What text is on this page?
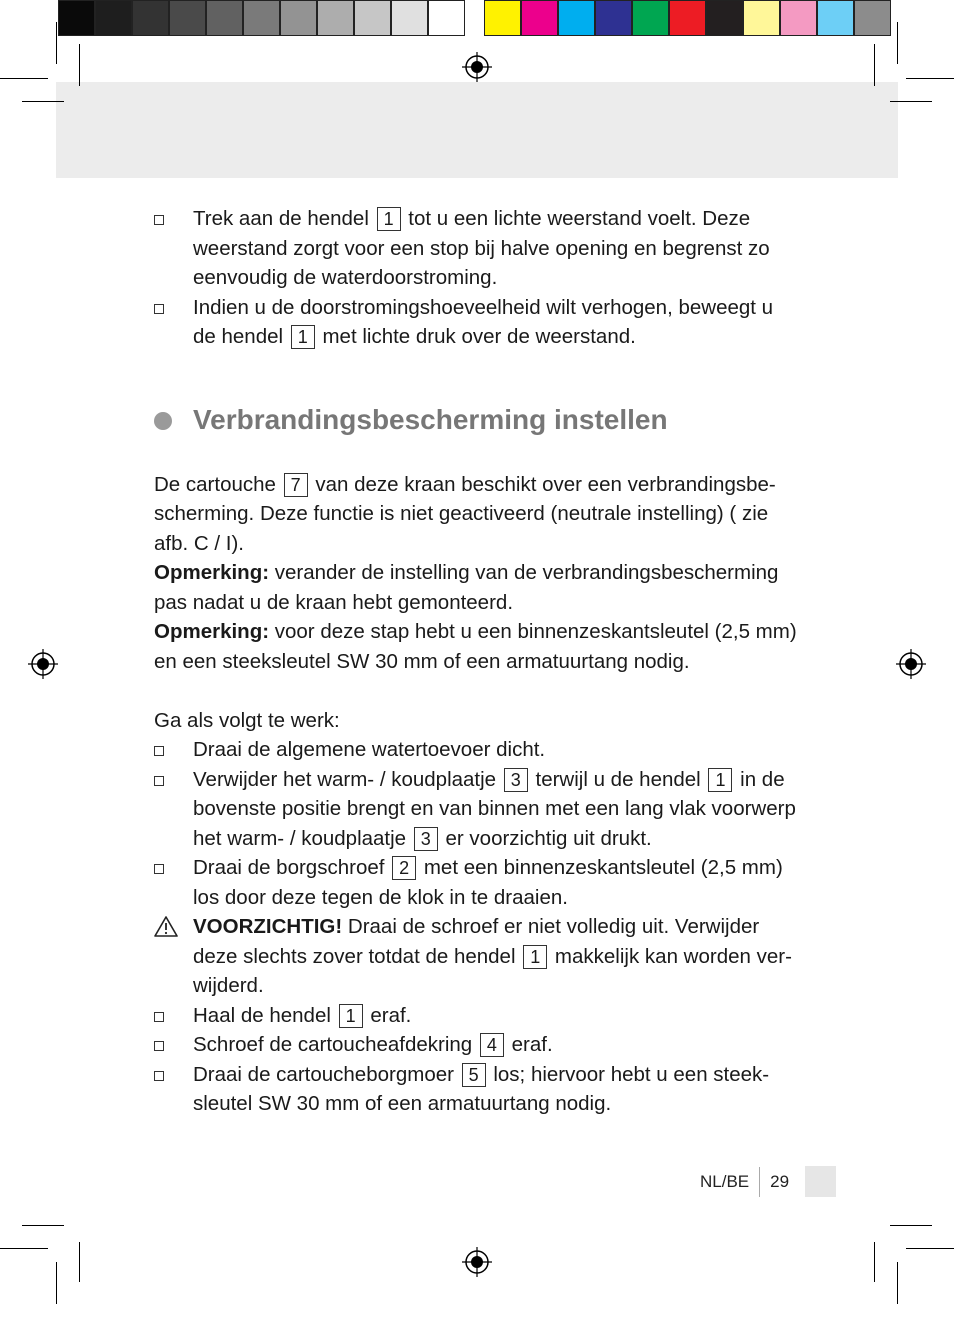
Trek aan de hendel 1 tot u een lichte weerstand voelt. Deze weerstand zorgt voor een stop bij halve opening en begrenst zo eenvoudig de waterdoorstroming.
Indien u de doorstromingshoeveelheid wilt verhogen, beweegt u de hendel 1 met lichte druk over de weerstand.
Verbrandingsbescherming instellen

De cartouche 7 van deze kraan beschikt over een verbrandingsbescherming. Deze functie is niet geactiveerd (neutrale instelling) ( zie afb. C / I).

Opmerking: verander de instelling van de verbrandingsbescherming pas nadat u de kraan hebt gemonteerd.

Opmerking: voor deze stap hebt u een binnenzeskantsleutel (2,5 mm) en een steeksleutel SW 30 mm of een armatuurtang nodig.

Ga als volgt te werk:

Draai de algemene watertoevoer dicht.
Verwijder het warm- / koudplaatje 3 terwijl u de hendel 1 in de bovenste positie brengt en van binnen met een lang vlak voorwerp het warm- / koudplaatje 3 er voorzichtig uit drukt.
Draai de borgschroef 2 met een binnenzeskantsleutel (2,5 mm) los door deze tegen de klok in te draaien.
VOORZICHTIG! Draai de schroef er niet volledig uit. Verwijder deze slechts zover totdat de hendel 1 makkelijk kan worden verwijderd.
Haal de hendel 1 eraf.
Schroef de cartoucheafdekring 4 eraf.
Draai de cartoucheborgmoer 5 los; hiervoor hebt u een steeksleutel SW 30 mm of een armatuurtang nodig.
NL/BE 29
